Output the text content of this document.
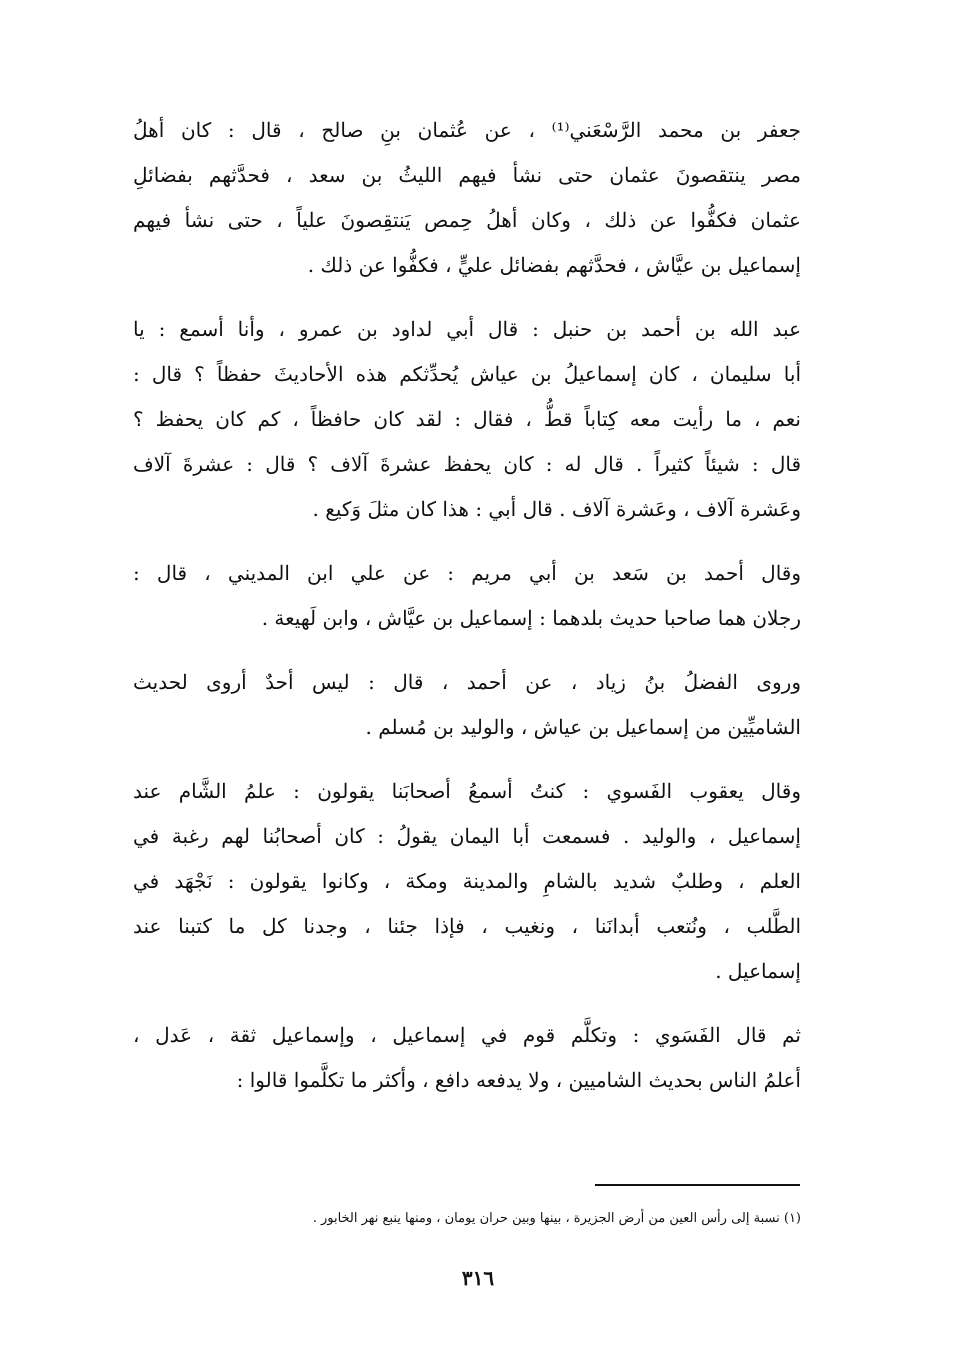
جعفر بن محمد الرَّسْعَني⁽¹⁾ ، عن عُثمان بنِ صالح ، قال : كان أهلُ
مصر ينتقصونَ عثمان حتى نشأ فيهم الليثُ بن سعد ، فحدَّثهم بفضائلِ
عثمان فكفُّوا عن ذلك ، وكان أهلُ حِمص يَنتقِصونَ علياً ، حتى نشأ فيهم
إسماعيل بن عيَّاش ، فحدَّثهم بفضائل عليٍّ ، فكفُّوا عن ذلك .

عبد الله بن أحمد بن حنبل : قال أبي لداود بن عمرو ، وأنا أسمع : يا
أبا سليمان ، كان إسماعيلُ بن عياش يُحدِّثكم هذه الأحاديثَ حفظاً ؟ قال :
نعم ، ما رأيت معه كِتاباً قطُّ ، فقال : لقد كان حافظاً ، كم كان يحفظ ؟
قال : شيئاً كثيراً . قال له : كان يحفظ عشرةَ آلاف ؟ قال : عشرةَ آلاف
وعَشرة آلاف ، وعَشرة آلاف . قال أبي : هذا كان مثلَ وَكيع .

وقال أحمد بن سَعد بن أبي مريم : عن علي ابن المديني ، قال :
رجلان هما صاحبا حديث بلدهما : إسماعيل بن عيَّاش ، وابن لَهيعة .

وروى الفضلُ بنُ زياد ، عن أحمد ، قال : ليس أحدٌ أروى لحديث
الشاميِّين من إسماعيل بن عياش ، والوليد بن مُسلم .

وقال يعقوب الفَسوي : كنتُ أسمعُ أصحابَنا يقولون : علمُ الشَّام عند
إسماعيل ، والوليد . فسمعت أبا اليمان يقولُ : كان أصحابُنا لهم رغبة في
العلم ، وطلبٌ شديد بالشامِ والمدينة ومكة ، وكانوا يقولون : نَجْهَد في
الطَّلب ، ونُتعب أبدانَنا ، ونغيب ، فإذا جئنا ، وجدنا كل ما كتبنا عند
إسماعيل .

ثم قال الفَسَوي : وتكلَّم قوم في إسماعيل ، وإسماعيل ثقة ، عَدل ،
أعلمُ الناس بحديث الشاميين ، ولا يدفعه دافع ، وأكثر ما تكلَّموا قالوا :

(١) نسبة إلى رأس العين من أرض الجزيرة ، بينها وبين حران يومان ، ومنها ينبع نهر الخابور .
٣١٦
